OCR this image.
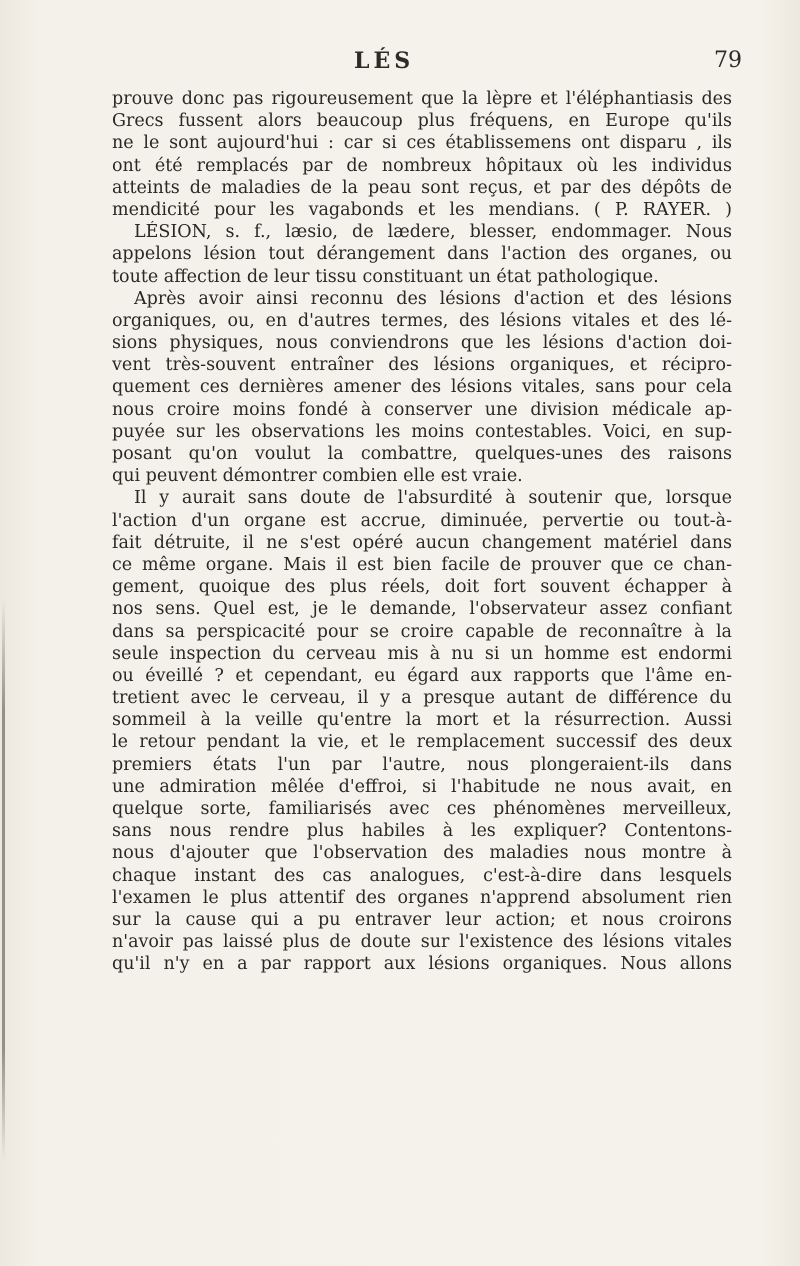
LÉS	79
prouve donc pas rigoureusement que la lèpre et l'éléphantiasis des
Grecs fussent alors beaucoup plus fréquens, en Europe qu'ils
ne le sont aujourd'hui : car si ces établissemens ont disparu , ils
ont été remplacés par de nombreux hôpitaux où les individus
atteints de maladies de la peau sont reçus, et par des dépôts de
mendicité pour les vagabonds et les mendians. ( P. RAYER. )
LÉSION, s. f., læsio, de lædere, blesser, endommager. Nous
appelons lésion tout dérangement dans l'action des organes, ou
toute affection de leur tissu constituant un état pathologique.
Après avoir ainsi reconnu des lésions d'action et des lésions
organiques, ou, en d'autres termes, des lésions vitales et des lé-
sions physiques, nous conviendrons que les lésions d'action doi-
vent très-souvent entraîner des lésions organiques, et récipro-
quement ces dernières amener des lésions vitales, sans pour cela
nous croire moins fondé à conserver une division médicale ap-
puyée sur les observations les moins contestables. Voici, en sup-
posant qu'on voulut la combattre, quelques-unes des raisons
qui peuvent démontrer combien elle est vraie.
Il y aurait sans doute de l'absurdité à soutenir que, lorsque
l'action d'un organe est accrue, diminuée, pervertie ou tout-à-
fait détruite, il ne s'est opéré aucun changement matériel dans
ce même organe. Mais il est bien facile de prouver que ce chan-
gement, quoique des plus réels, doit fort souvent échapper à
nos sens. Quel est, je le demande, l'observateur assez confiant
dans sa perspicacité pour se croire capable de reconnaître à la
seule inspection du cerveau mis à nu si un homme est endormi
ou éveillé ? et cependant, eu égard aux rapports que l'âme en-
tretient avec le cerveau, il y a presque autant de différence du
sommeil à la veille qu'entre la mort et la résurrection. Aussi
le retour pendant la vie, et le remplacement successif des deux
premiers états l'un par l'autre, nous plongeraient-ils dans
une admiration mêlée d'effroi, si l'habitude ne nous avait, en
quelque sorte, familiarisés avec ces phénomènes merveilleux,
sans nous rendre plus habiles à les expliquer? Contentons-
nous d'ajouter que l'observation des maladies nous montre à
chaque instant des cas analogues, c'est-à-dire dans lesquels
l'examen le plus attentif des organes n'apprend absolument rien
sur la cause qui a pu entraver leur action; et nous croirons
n'avoir pas laissé plus de doute sur l'existence des lésions vitales
qu'il n'y en a par rapport aux lésions organiques. Nous allons
